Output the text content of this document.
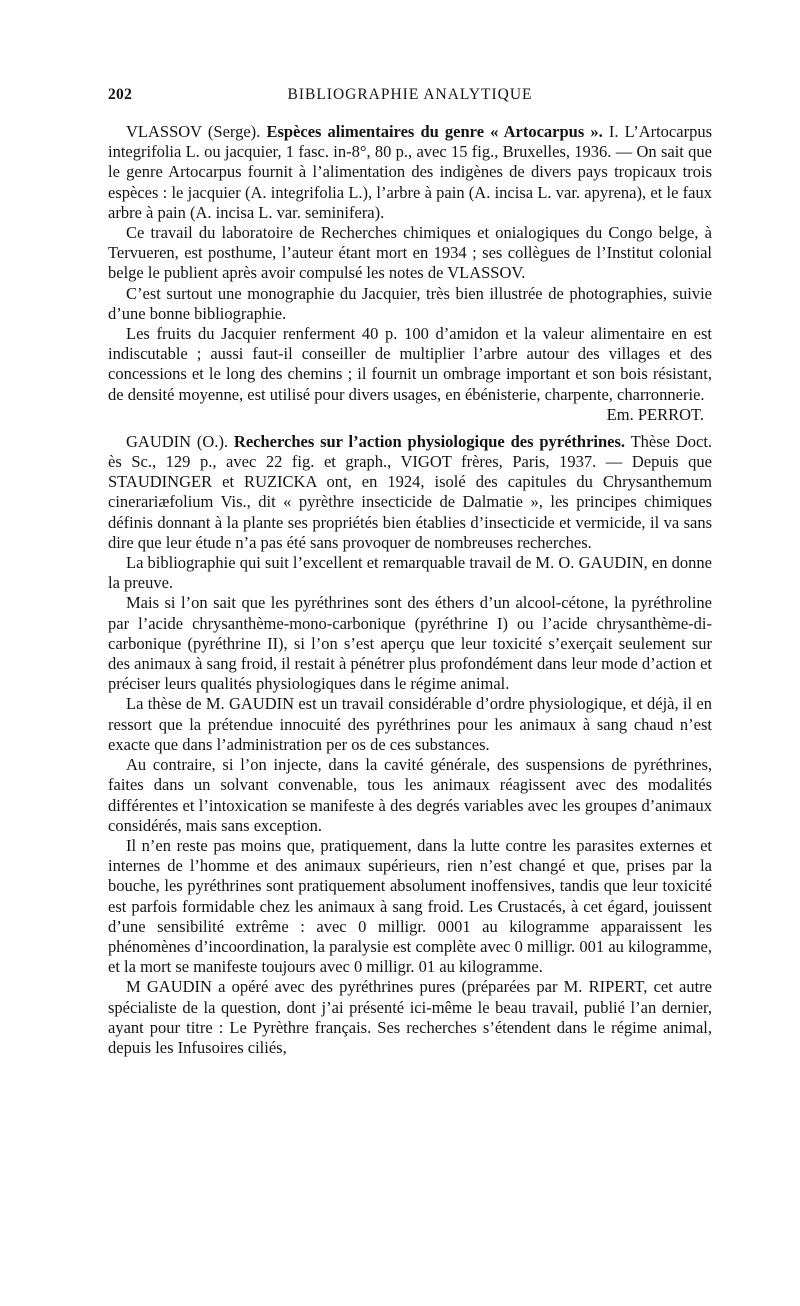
202	BIBLIOGRAPHIE ANALYTIQUE

VLASSOV (Serge). Espèces alimentaires du genre « Artocarpus ». I. L’Artocarpus integrifolia L. ou jacquier, 1 fasc. in-8°, 80 p., avec 15 fig., Bruxelles, 1936. — On sait que le genre Artocarpus fournit à l’alimentation des indigènes de divers pays tropicaux trois espèces : le jacquier (A. integrifolia L.), l’arbre à pain (A. incisa L. var. apyrena), et le faux arbre à pain (A. incisa L. var. seminifera).

Ce travail du laboratoire de Recherches chimiques et onialogiques du Congo belge, à Tervueren, est posthume, l’auteur étant mort en 1934 ; ses collègues de l’Institut colonial belge le publient après avoir compulsé les notes de VLASSOV.

C’est surtout une monographie du Jacquier, très bien illustrée de photographies, suivie d’une bonne bibliographie.

Les fruits du Jacquier renferment 40 p. 100 d’amidon et la valeur alimentaire en est indiscutable ; aussi faut-il conseiller de multiplier l’arbre autour des villages et des concessions et le long des chemins ; il fournit un ombrage important et son bois résistant, de densité moyenne, est utilisé pour divers usages, en ébénisterie, charpente, charronnerie.
Em. PERROT.

GAUDIN (O.). Recherches sur l’action physiologique des pyréthrines. Thèse Doct. ès Sc., 129 p., avec 22 fig. et graph., VIGOT frères, Paris, 1937. — Depuis que STAUDINGER et RUZICKA ont, en 1924, isolé des capitules du Chrysanthemum cinerariæfolium Vis., dit « pyrèthre insecticide de Dalmatie », les principes chimiques définis donnant à la plante ses propriétés bien établies d’insecticide et vermicide, il va sans dire que leur étude n’a pas été sans provoquer de nombreuses recherches.

La bibliographie qui suit l’excellent et remarquable travail de M. O. GAUDIN, en donne la preuve.

Mais si l’on sait que les pyréthrines sont des éthers d’un alcool-cétone, la pyréthroline par l’acide chrysanthème-mono-carbonique (pyréthrine I) ou l’acide chrysanthème-di-carbonique (pyréthrine II), si l’on s’est aperçu que leur toxicité s’exerçait seulement sur des animaux à sang froid, il restait à pénétrer plus profondément dans leur mode d’action et préciser leurs qualités physiologiques dans le régime animal.

La thèse de M. GAUDIN est un travail considérable d’ordre physiologique, et déjà, il en ressort que la prétendue innocuité des pyréthrines pour les animaux à sang chaud n’est exacte que dans l’administration per os de ces substances.

Au contraire, si l’on injecte, dans la cavité générale, des suspensions de pyréthrines, faites dans un solvant convenable, tous les animaux réagissent avec des modalités différentes et l’intoxication se manifeste à des degrés variables avec les groupes d’animaux considérés, mais sans exception.

Il n’en reste pas moins que, pratiquement, dans la lutte contre les parasites externes et internes de l’homme et des animaux supérieurs, rien n’est changé et que, prises par la bouche, les pyréthrines sont pratiquement absolument inoffensives, tandis que leur toxicité est parfois formidable chez les animaux à sang froid. Les Crustacés, à cet égard, jouissent d’une sensibilité extrême : avec 0 milligr. 0001 au kilogramme apparaissent les phénomènes d’incoordination, la paralysie est complète avec 0 milligr. 001 au kilogramme, et la mort se manifeste toujours avec 0 milligr. 01 au kilogramme.

M GAUDIN a opéré avec des pyréthrines pures (préparées par M. RIPERT, cet autre spécialiste de la question, dont j’ai présenté ici-même le beau travail, publié l’an dernier, ayant pour titre : Le Pyrèthre français. Ses recherches s’étendent dans le régime animal, depuis les Infusoires ciliés,
